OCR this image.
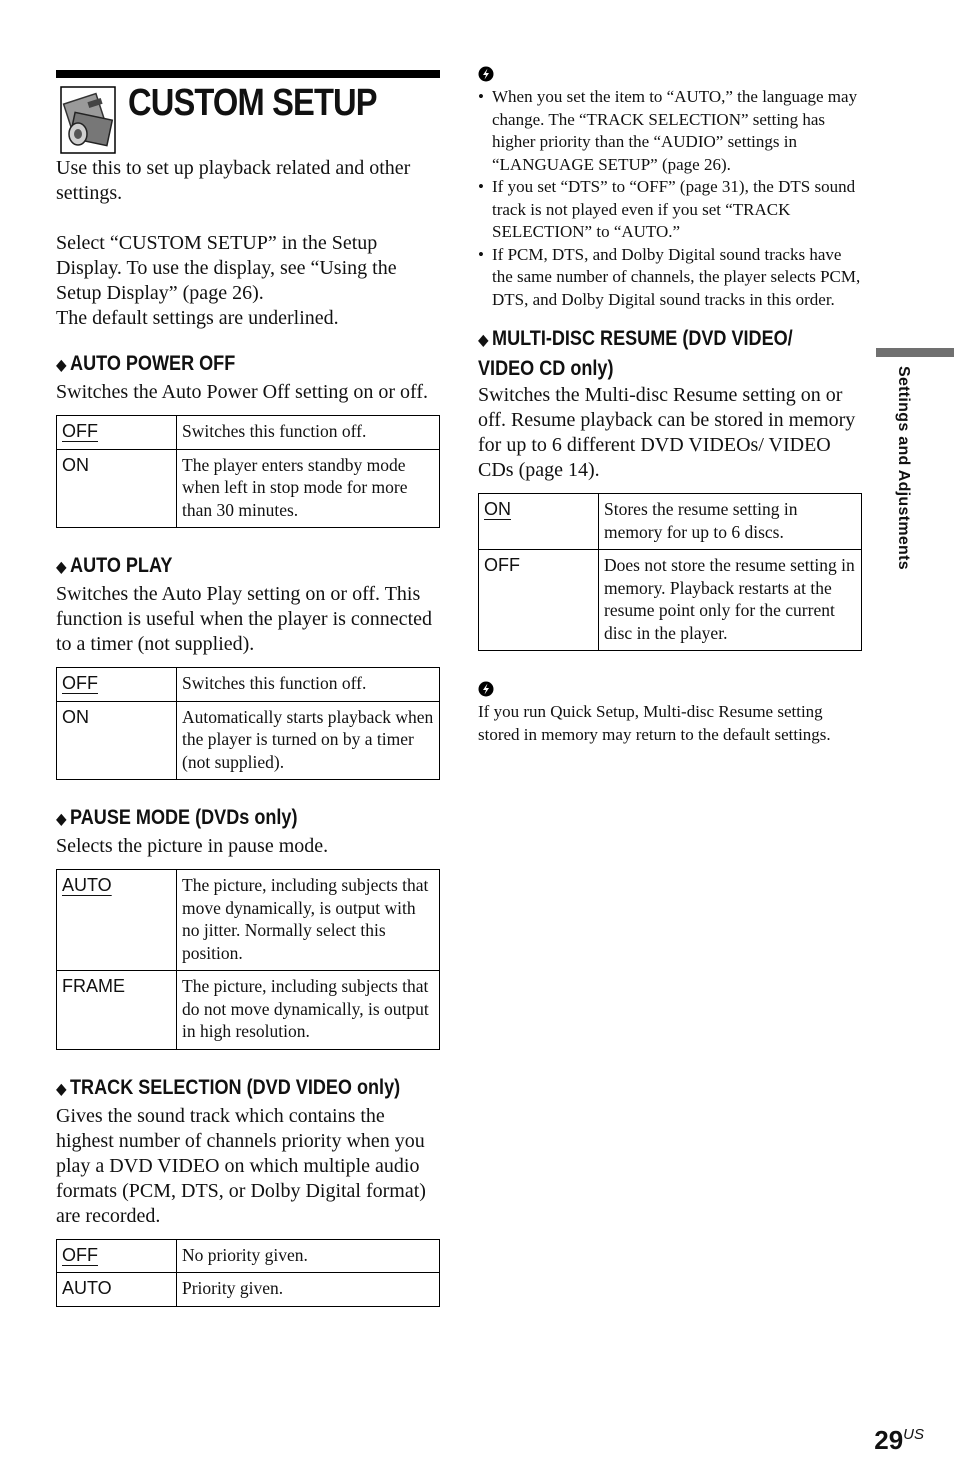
CUSTOM SETUP

Use this to set up playback related and other settings.

Select “CUSTOM SETUP” in the Setup Display. To use the display, see “Using the Setup Display” (page 26).

The default settings are underlined.

◆ AUTO POWER OFF

Switches the Auto Power Off setting on or off.

OFF	Switches this function off.
ON	The player enters standby mode when left in stop mode for more than 30 minutes.

◆ AUTO PLAY

Switches the Auto Play setting on or off. This function is useful when the player is connected to a timer (not supplied).

OFF	Switches this function off.
ON	Automatically starts playback when the player is turned on by a timer (not supplied).

◆ PAUSE MODE (DVDs only)

Selects the picture in pause mode.

AUTO	The picture, including subjects that move dynamically, is output with no jitter. Normally select this position.
FRAME	The picture, including subjects that do not move dynamically, is output in high resolution.

◆ TRACK SELECTION (DVD VIDEO only)

Gives the sound track which contains the highest number of channels priority when you play a DVD VIDEO on which multiple audio formats (PCM, DTS, or Dolby Digital format) are recorded.

OFF	No priority given.
AUTO	Priority given.
• When you set the item to “AUTO,” the language may change. The “TRACK SELECTION” setting has higher priority than the “AUDIO” settings in “LANGUAGE SETUP” (page 26).
• If you set “DTS” to “OFF” (page 31), the DTS sound track is not played even if you set “TRACK SELECTION” to “AUTO.”
• If PCM, DTS, and Dolby Digital sound tracks have the same number of channels, the player selects PCM, DTS, and Dolby Digital sound tracks in this order.

◆ MULTI-DISC RESUME (DVD VIDEO/

VIDEO CD only)

Switches the Multi-disc Resume setting on or off. Resume playback can be stored in memory for up to 6 different DVD VIDEOs/ VIDEO CDs (page 14).

ON	Stores the resume setting in memory for up to 6 discs.
OFF	Does not store the resume setting in memory. Playback restarts at the resume point only for the current disc in the player.

If you run Quick Setup, Multi-disc Resume setting stored in memory may return to the default settings.

Settings and Adjustments
$29^{US}$
